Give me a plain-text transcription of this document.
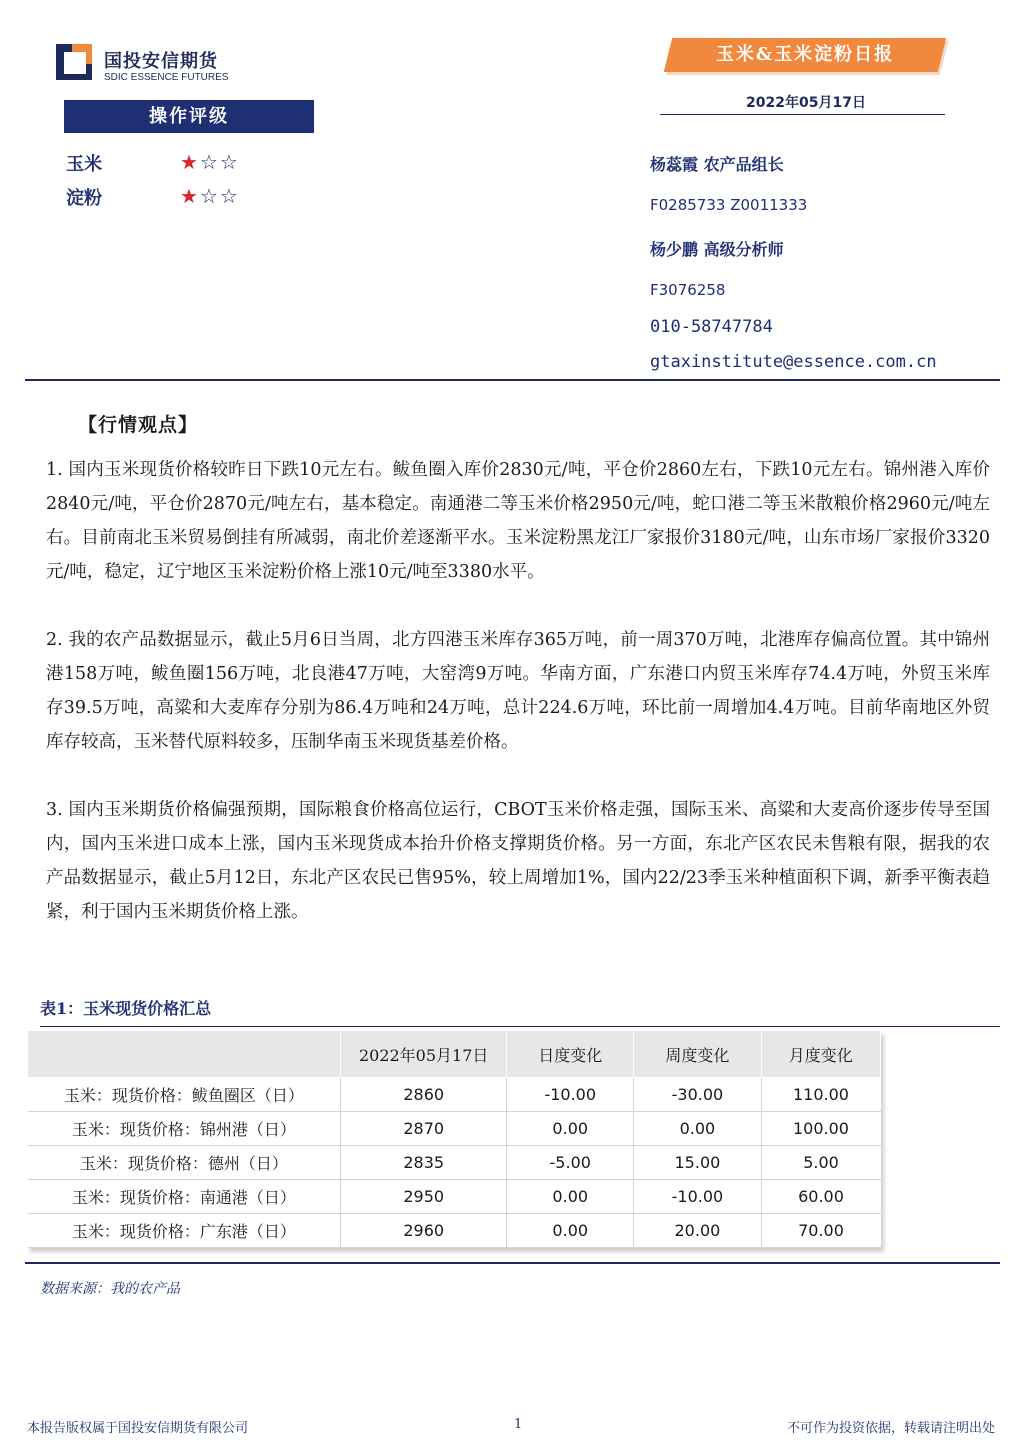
国投安信期货
SDIC ESSENCE FUTURES
玉米&玉米淀粉日报
2022年05月17日
操作评级
玉米	★☆☆
淀粉	★☆☆
杨蕊霞 农产品组长
F0285733 Z0011333
杨少鹏 高级分析师
F3076258
010-58747784
gtaxinstitute@essence.com.cn
【行情观点】

1. 国内玉米现货价格较昨日下跌10元左右。鲅鱼圈入库价2830元/吨，平仓价2860左右，下跌10元左右。锦州港入库价2840元/吨，平仓价2870元/吨左右，基本稳定。南通港二等玉米价格2950元/吨，蛇口港二等玉米散粮价格2960元/吨左右。目前南北玉米贸易倒挂有所减弱，南北价差逐渐平水。玉米淀粉黑龙江厂家报价3180元/吨，山东市场厂家报价3320元/吨，稳定，辽宁地区玉米淀粉价格上涨10元/吨至3380水平。

2. 我的农产品数据显示，截止5月6日当周，北方四港玉米库存365万吨，前一周370万吨，北港库存偏高位置。其中锦州港158万吨，鲅鱼圈156万吨，北良港47万吨，大窑湾9万吨。华南方面，广东港口内贸玉米库存74.4万吨，外贸玉米库存39.5万吨，高粱和大麦库存分别为86.4万吨和24万吨，总计224.6万吨，环比前一周增加4.4万吨。目前华南地区外贸库存较高，玉米替代原料较多，压制华南玉米现货基差价格。

3. 国内玉米期货价格偏强预期，国际粮食价格高位运行，CBOT玉米价格走强，国际玉米、高粱和大麦高价逐步传导至国内，国内玉米进口成本上涨，国内玉米现货成本抬升价格支撑期货价格。另一方面，东北产区农民未售粮有限，据我的农产品数据显示，截止5月12日，东北产区农民已售95%，较上周增加1%，国内22/23季玉米种植面积下调，新季平衡表趋紧，利于国内玉米期货价格上涨。

表1：玉米现货价格汇总
	2022年05月17日	日度变化	周度变化	月度变化
玉米：现货价格：鲅鱼圈区（日）	2860	-10.00	-30.00	110.00
玉米：现货价格：锦州港（日）	2870	0.00	0.00	100.00
玉米：现货价格：德州（日）	2835	-5.00	15.00	5.00
玉米：现货价格：南通港（日）	2950	0.00	-10.00	60.00
玉米：现货价格：广东港（日）	2960	0.00	20.00	70.00
数据来源：我的农产品
本报告版权属于国投安信期货有限公司	1	不可作为投资依据，转载请注明出处
